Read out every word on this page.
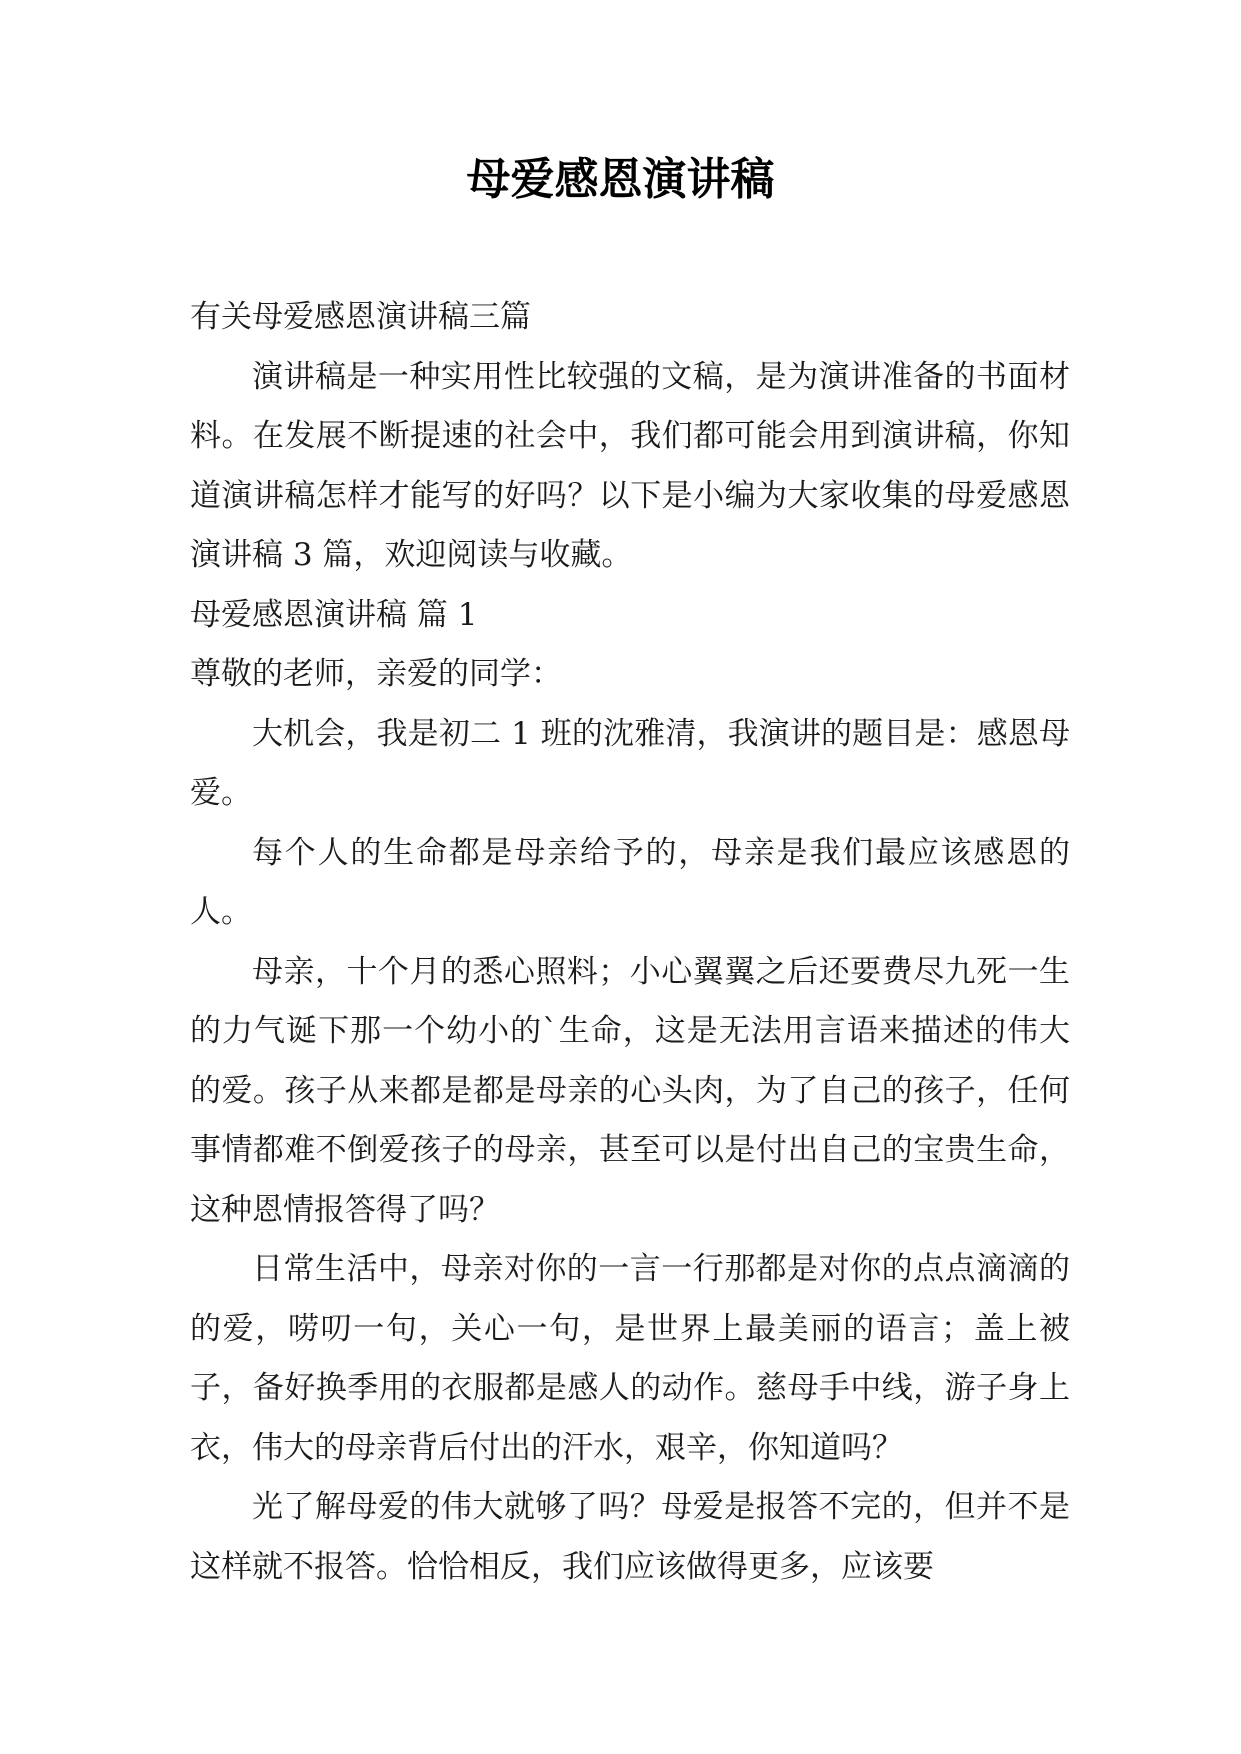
母爱感恩演讲稿

有关母爱感恩演讲稿三篇

演讲稿是一种实用性比较强的文稿，是为演讲准备的书面材料。在发展不断提速的社会中，我们都可能会用到演讲稿，你知道演讲稿怎样才能写的好吗？以下是小编为大家收集的母爱感恩演讲稿 3 篇，欢迎阅读与收藏。

母爱感恩演讲稿 篇 1

尊敬的老师，亲爱的同学：

大机会，我是初二 1 班的沈雅清，我演讲的题目是：感恩母爱。

每个人的生命都是母亲给予的，母亲是我们最应该感恩的人。

母亲，十个月的悉心照料；小心翼翼之后还要费尽九死一生的力气诞下那一个幼小的`生命，这是无法用言语来描述的伟大的爱。孩子从来都是都是母亲的心头肉，为了自己的孩子，任何事情都难不倒爱孩子的母亲，甚至可以是付出自己的宝贵生命，这种恩情报答得了吗？

日常生活中，母亲对你的一言一行那都是对你的点点滴滴的的爱，唠叨一句，关心一句，是世界上最美丽的语言；盖上被子，备好换季用的衣服都是感人的动作。慈母手中线，游子身上衣，伟大的母亲背后付出的汗水，艰辛，你知道吗？

光了解母爱的伟大就够了吗？母爱是报答不完的，但并不是这样就不报答。恰恰相反，我们应该做得更多，应该要
